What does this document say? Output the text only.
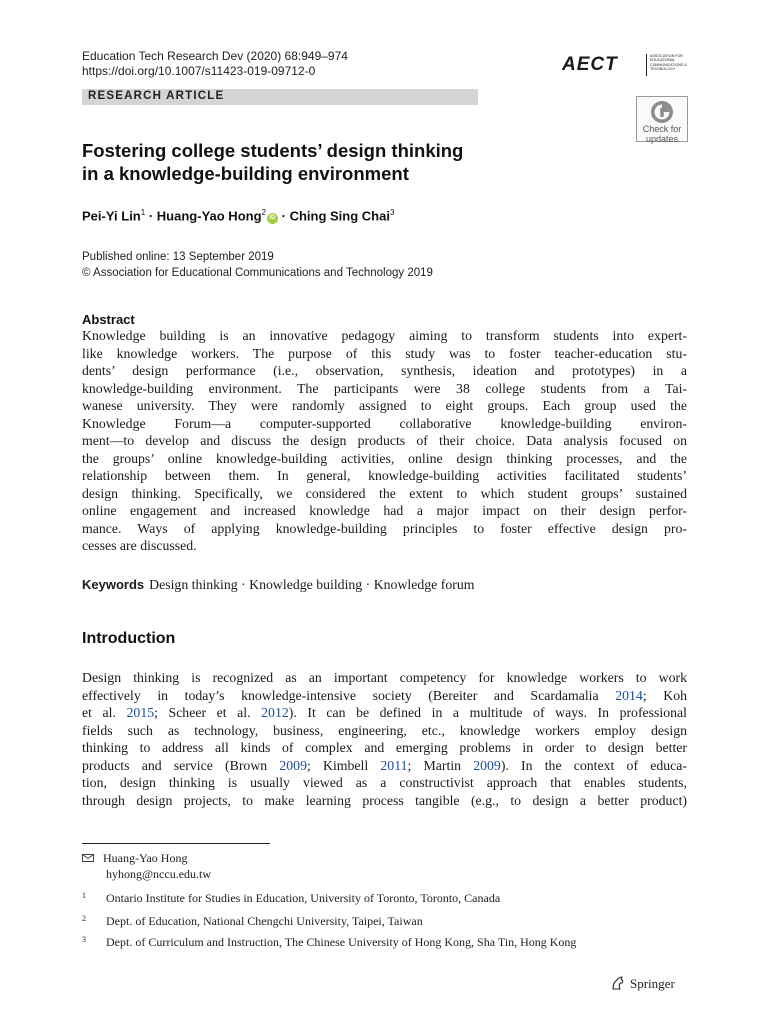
Education Tech Research Dev (2020) 68:949–974
https://doi.org/10.1007/s11423-019-09712-0	AECT	ASSOCIATION FOR EDUCATIONAL COMMUNICATIONS & TECHNOLOGY
RESEARCH ARTICLE
Check for
updates
Fostering college students’ design thinking
in a knowledge-building environment
Pei-Yi Lin$^1$ · Huang-Yao Hong$^2$iD · Ching Sing Chai$^3$
Published online: 13 September 2019
© Association for Educational Communications and Technology 2019
Abstract
Knowledge building is an innovative pedagogy aiming to transform students into expert-
like knowledge workers. The purpose of this study was to foster teacher-education stu-
dents’ design performance (i.e., observation, synthesis, ideation and prototypes) in a
knowledge-building environment. The participants were 38 college students from a Tai-
wanese university. They were randomly assigned to eight groups. Each group used the
Knowledge Forum—a computer-supported collaborative knowledge-building environ-
ment—to develop and discuss the design products of their choice. Data analysis focused on
the groups’ online knowledge-building activities, online design thinking processes, and the
relationship between them. In general, knowledge-building activities facilitated students’
design thinking. Specifically, we considered the extent to which student groups’ sustained
online engagement and increased knowledge had a major impact on their design perfor-
mance. Ways of applying knowledge-building principles to foster effective design pro-
cesses are discussed.
Keywords Design thinking · Knowledge building · Knowledge forum
Introduction
Design thinking is recognized as an important competency for knowledge workers to work
effectively in today’s knowledge-intensive society (Bereiter and Scardamalia 2014; Koh
et al. 2015; Scheer et al. 2012). It can be defined in a multitude of ways. In professional
fields such as technology, business, engineering, etc., knowledge workers employ design
thinking to address all kinds of complex and emerging problems in order to design better
products and service (Brown 2009; Kimbell 2011; Martin 2009). In the context of educa-
tion, design thinking is usually viewed as a constructivist approach that enables students,
through design projects, to make learning process tangible (e.g., to design a better product)
Huang-Yao Hong
hyhong@nccu.edu.tw
1 Ontario Institute for Studies in Education, University of Toronto, Toronto, Canada
2 Dept. of Education, National Chengchi University, Taipei, Taiwan
3 Dept. of Curriculum and Instruction, The Chinese University of Hong Kong, Sha Tin, Hong Kong
Springer
